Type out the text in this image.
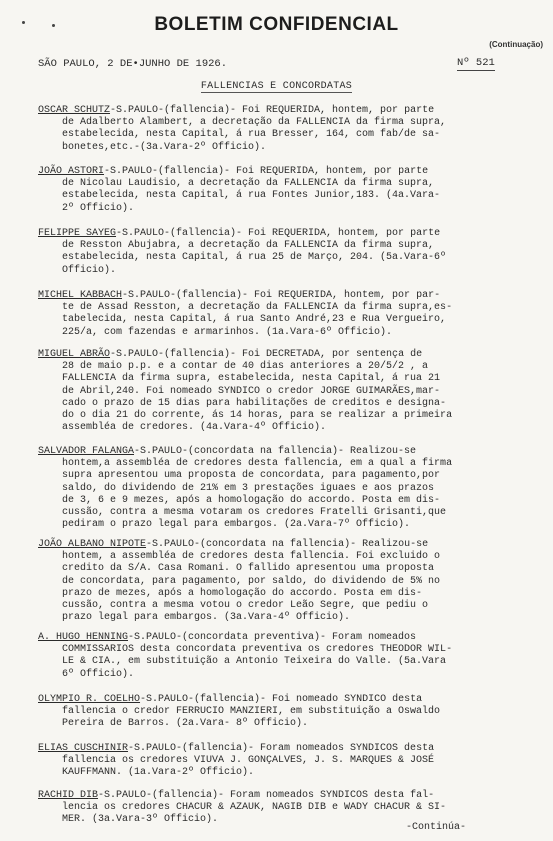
BOLETIM CONFIDENCIAL
(Continuação)
SÃO PAULO, 2 DE•JUNHO DE 1926.	Nº 521
FALLENCIAS E CONCORDATAS
OSCAR SCHUTZ-S.PAULO-(fallencia)- Foi REQUERIDA, hontem, por parte
de Adalberto Alambert, a decretação da FALLENCIA da firma supra,
estabelecida, nesta Capital, á rua Bresser, 164, com fab/de sa-
bonetes,etc.-(3a.Vara-2º Officio).
JOÃO ASTORI-S.PAULO-(fallencia)- Foi REQUERIDA, hontem, por parte
de Nicolau Laudisio, a decretação da FALLENCIA da firma supra,
estabelecida, nesta Capital, á rua Fontes Junior,183. (4a.Vara-
2º Officio).
FELIPPE SAYEG-S.PAULO-(fallencia)- Foi REQUERIDA, hontem, por parte
de Resston Abujabra, a decretação da FALLENCIA da firma supra,
estabelecida, nesta Capital, á rua 25 de Março, 204. (5a.Vara-6º
Officio).
MICHEL KABBACH-S.PAULO-(fallencia)- Foi REQUERIDA, hontem, por par-
te de Assad Resston, a decretação da FALLENCIA da firma supra,es-
tabelecida, nesta Capital, á rua Santo André,23 e Rua Vergueiro,
225/a, com fazendas e armarinhos. (1a.Vara-6º Officio).
MIGUEL ABRÃO-S.PAULO-(fallencia)- Foi DECRETADA, por sentença de
28 de maio p.p. e a contar de 40 dias anteriores a 20/5/2 , a
FALLENCIA da firma supra, estabelecida, nesta Capital, á rua 21
de Abril,240. Foi nomeado SYNDICO o credor JORGE GUIMARÃES,mar-
cado o prazo de 15 dias para habilitações de creditos e designa-
do o dia 21 do corrente, ás 14 horas, para se realizar a primeira
assembléa de credores. (4a.Vara-4º Officio).
SALVADOR FALANGA-S.PAULO-(concordata na fallencia)- Realizou-se
hontem,a assembléa de credores desta fallencia, em a qual a firma
supra apresentou uma proposta de concordata, para pagamento,por
saldo, do dividendo de 21% em 3 prestações iguaes e aos prazos
de 3, 6 e 9 mezes, após a homologação do accordo. Posta em dis-
cussão, contra a mesma votaram os credores Fratelli Grisanti,que
pediram o prazo legal para embargos. (2a.Vara-7º Officio).
JOÃO ALBANO NIPOTE-S.PAULO-(concordata na fallencia)- Realizou-se
hontem, a assembléa de credores desta fallencia. Foi excluido o
credito da S/A. Casa Romani. O fallido apresentou uma proposta
de concordata, para pagamento, por saldo, do dividendo de 5% no
prazo de mezes, após a homologação do accordo. Posta em dis-
cussão, contra a mesma votou o credor Leão Segre, que pediu o
prazo legal para embargos. (3a.Vara-4º Officio).
A. HUGO HENNING-S.PAULO-(concordata preventiva)- Foram nomeados
COMMISSARIOS desta concordata preventiva os credores THEODOR WIL-
LE & CIA., em substituição a Antonio Teixeira do Valle. (5a.Vara
6º Officio).
OLYMPIO R. COELHO-S.PAULO-(fallencia)- Foi nomeado SYNDICO desta
fallencia o credor FERRUCIO MANZIERI, em substituição a Oswaldo
Pereira de Barros. (2a.Vara- 8º Officio).
ELIAS CUSCHINIR-S.PAULO-(fallencia)- Foram nomeados SYNDICOS desta
fallencia os credores VIUVA J. GONÇALVES, J. S. MARQUES & JOSÉ
KAUFFMANN. (1a.Vara-2º Officio).
RACHID DIB-S.PAULO-(fallencia)- Foram nomeados SYNDICOS desta fal-
lencia os credores CHACUR & AZAUK, NAGIB DIB e WADY CHACUR & SI-
MER. (3a.Vara-3º Officio).
-Continúa-
